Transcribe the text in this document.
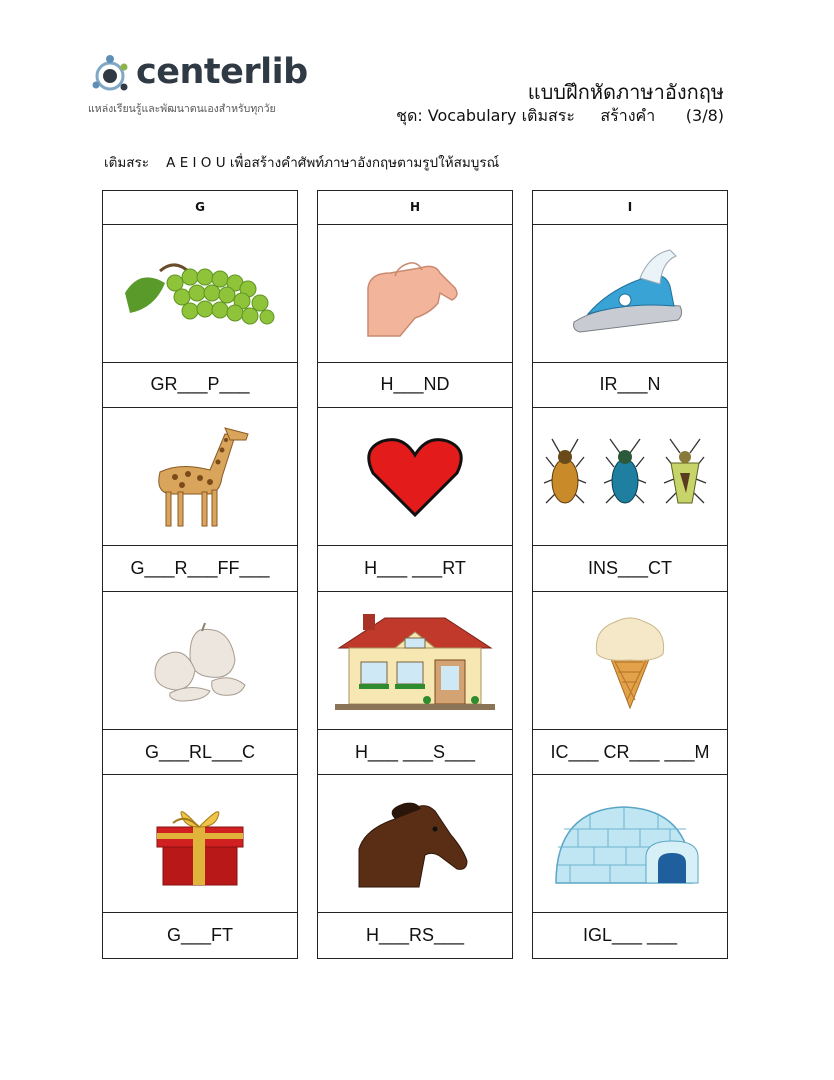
centerlib
แหล่งเรียนรู้และพัฒนาตนเองสำหรับทุกวัย
แบบฝึกหัดภาษาอังกฤษ
ชุด: Vocabulary เติมสระ สร้างคำ (3/8)
เติมสระ    A E I O U เพื่อสร้างคำศัพท์ภาษาอังกฤษตามรูปให้สมบูรณ์
G
GR___P___
G___R___FF___
G___RL___C
G___FT
H
H___ND
H___ ___RT
H___ ___S___
H___RS___
I
IR___N
INS___CT
IC___ CR___ ___M
IGL___ ___
